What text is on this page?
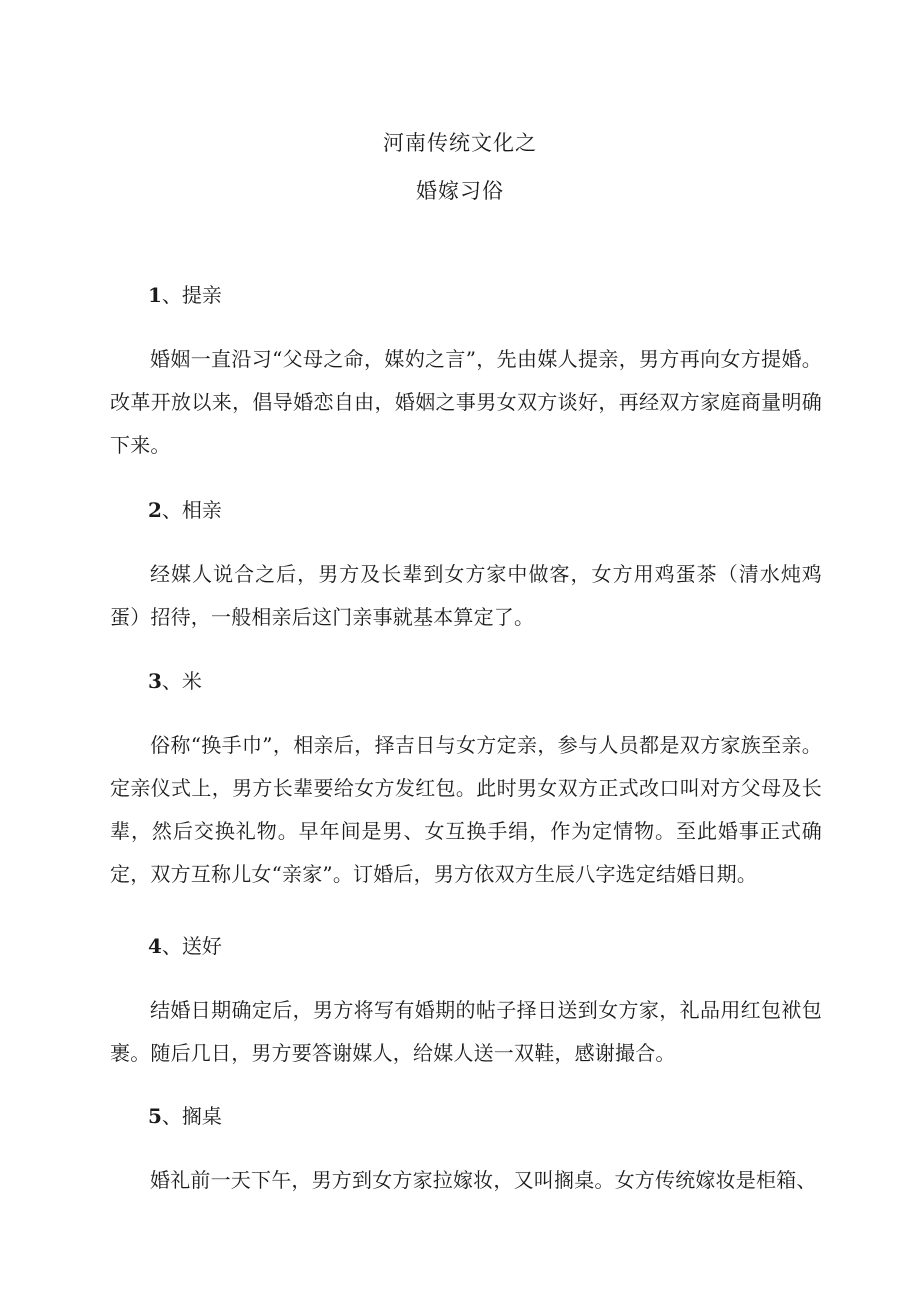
河南传统文化之
婚嫁习俗
1、提亲
婚姻一直沿习“父母之命，媒妁之言”，先由媒人提亲，男方再向女方提婚。改革开放以来，倡导婚恋自由，婚姻之事男女双方谈好，再经双方家庭商量明确下来。
2、相亲
经媒人说合之后，男方及长辈到女方家中做客，女方用鸡蛋茶（清水炖鸡蛋）招待，一般相亲后这门亲事就基本算定了。
3、米
俗称“换手巾”，相亲后，择吉日与女方定亲，参与人员都是双方家族至亲。定亲仪式上，男方长辈要给女方发红包。此时男女双方正式改口叫对方父母及长辈，然后交换礼物。早年间是男、女互换手绢，作为定情物。至此婚事正式确定，双方互称儿女“亲家”。订婚后，男方依双方生辰八字选定结婚日期。
4、送好
结婚日期确定后，男方将写有婚期的帖子择日送到女方家，礼品用红包袱包裹。随后几日，男方要答谢媒人，给媒人送一双鞋，感谢撮合。
5、搁桌
婚礼前一天下午，男方到女方家拉嫁妆，又叫搁桌。女方传统嫁妆是柜箱、
